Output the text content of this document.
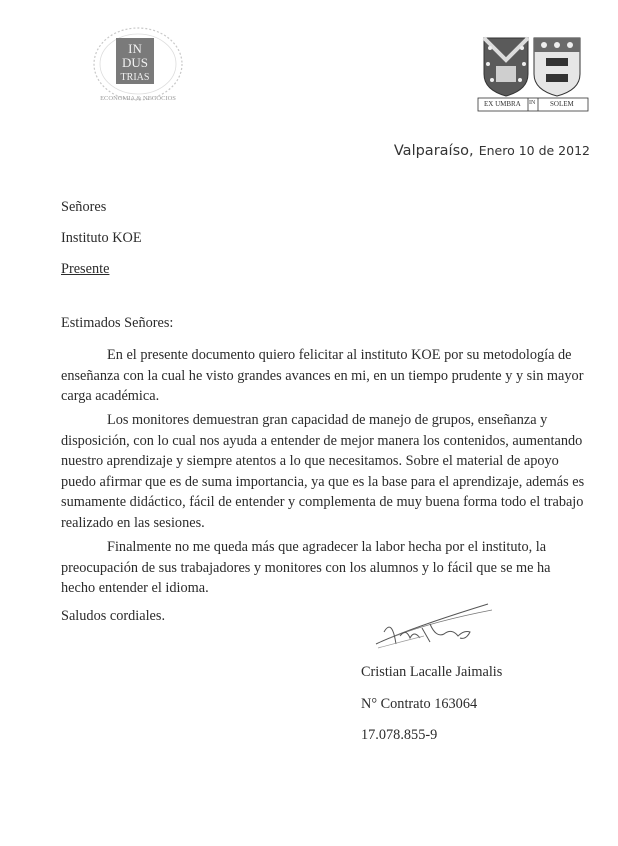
IN
DUS
TRIAS
ECONOMIA & NEGOCIOS
EX UMBRA IN SOLEM
Valparaíso, Enero 10 de 2012
Señores
Instituto KOE
Presente
Estimados Señores:
En el presente documento quiero felicitar al instituto KOE por su metodología de
enseñanza con la cual he visto grandes avances en mi, en un tiempo prudente y y sin mayor
carga académica.
Los monitores demuestran gran capacidad de manejo de grupos, enseñanza y
disposición, con lo cual nos ayuda a entender de mejor manera los contenidos, aumentando
nuestro aprendizaje y siempre atentos a lo que necesitamos. Sobre el material de apoyo
puedo afirmar que es de suma importancia, ya que es la base para el aprendizaje, además es
sumamente didáctico, fácil de entender y complementa de muy buena forma todo el trabajo
realizado en las sesiones.
Finalmente no me queda más que agradecer la labor hecha por el instituto, la
preocupación de sus trabajadores y monitores con los alumnos y lo fácil que se me ha
hecho entender el idioma.
Saludos cordiales.
Cristian Lacalle Jaimalis
N° Contrato 163064
17.078.855-9
